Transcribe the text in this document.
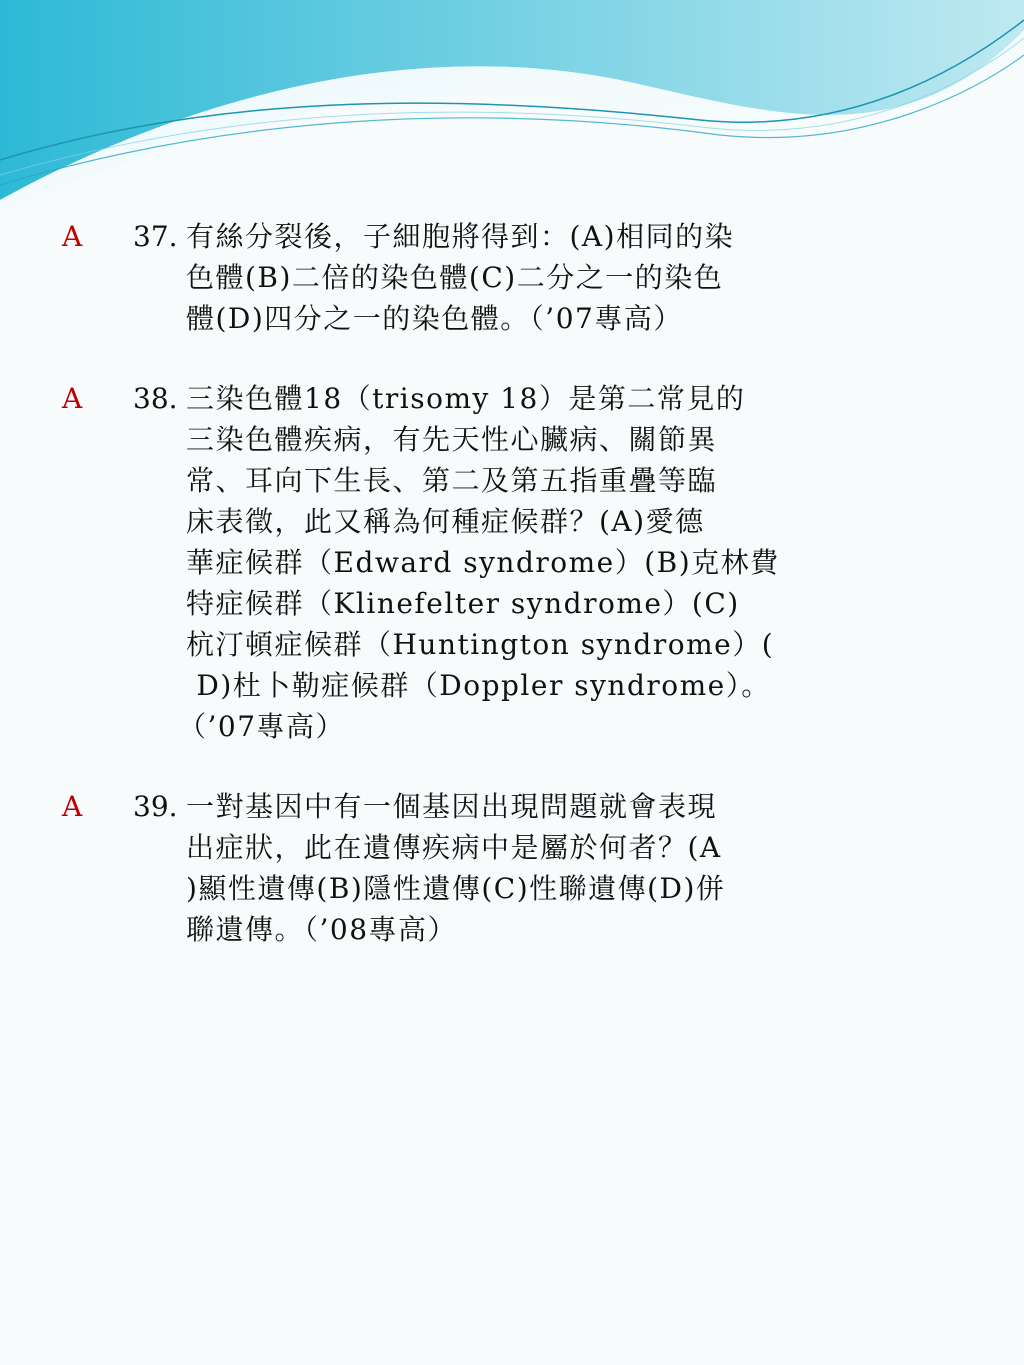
A 37. 有絲分裂後，子細胞將得到：(A)相同的染
色體(B)二倍的染色體(C)二分之一的染色
體(D)四分之一的染色體。（’07專高）
A 38. 三染色體18（trisomy 18）是第二常見的
三染色體疾病，有先天性心臟病、關節異
常、耳向下生長、第二及第五指重疊等臨
床表徵，此又稱為何種症候群？(A)愛德
華症候群（Edward syndrome）(B)克林費
特症候群（Klinefelter syndrome）(C)
杭汀頓症候群（Huntington syndrome）(
D)杜卜勒症候群（Doppler syndrome）。
（’07專高）
A 39. 一對基因中有一個基因出現問題就會表現
出症狀，此在遺傳疾病中是屬於何者？(A
)顯性遺傳(B)隱性遺傳(C)性聯遺傳(D)併
聯遺傳。（’08專高）
